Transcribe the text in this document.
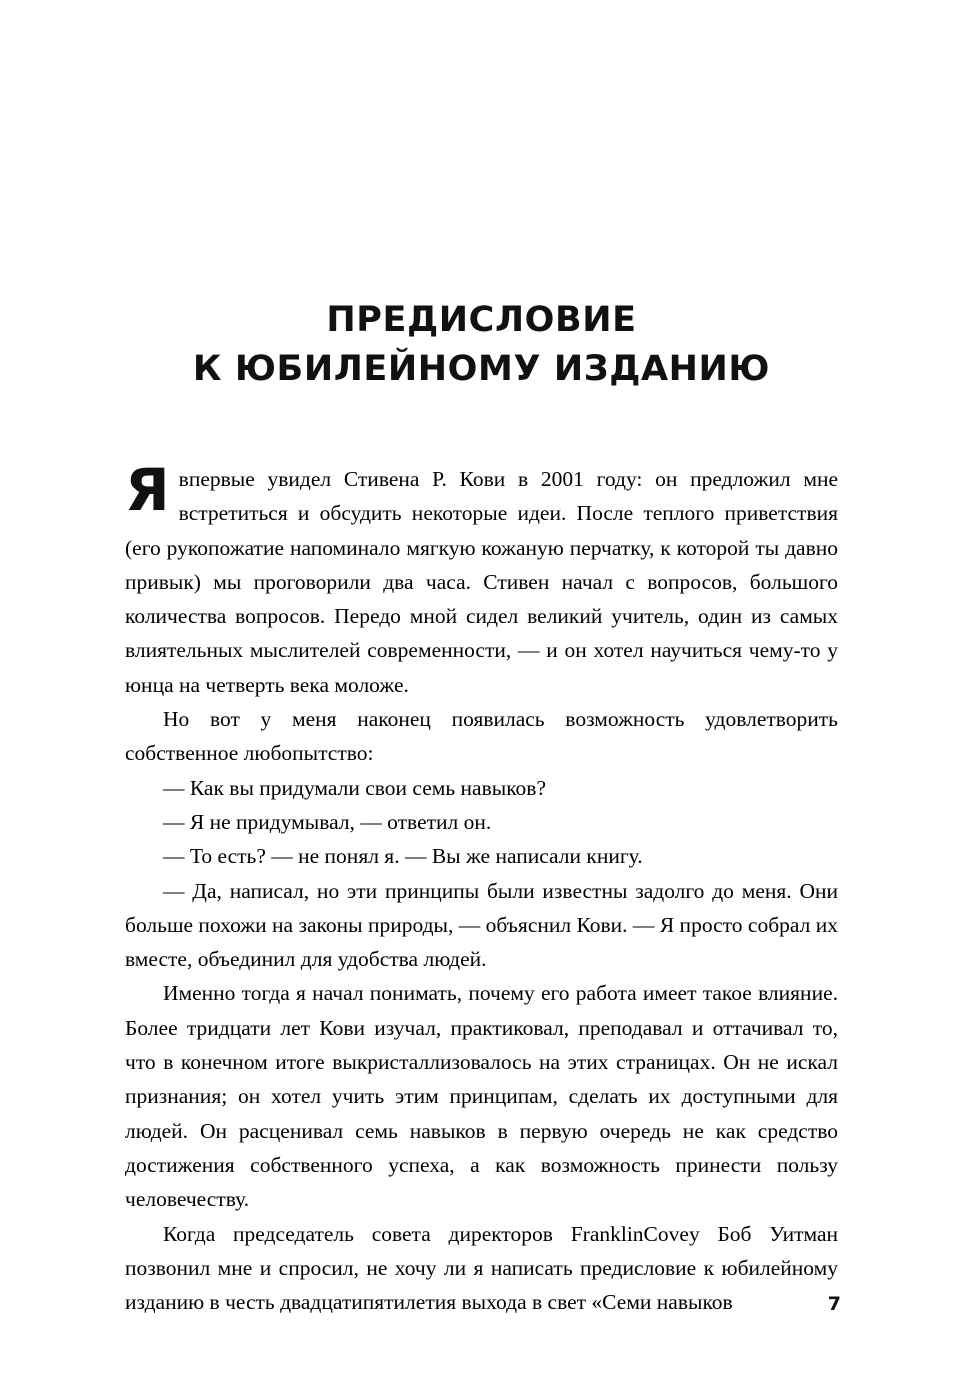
ПРЕДИСЛОВИЕ
К ЮБИЛЕЙНОМУ ИЗДАНИЮ

Я впервые увидел Стивена Р. Кови в 2001 году: он предложил мне встретиться и обсудить некоторые идеи. После теплого приветствия (его рукопожатие напоминало мягкую кожаную перчатку, к которой ты давно привык) мы проговорили два часа. Стивен начал с вопросов, большого количества вопросов. Передо мной сидел великий учитель, один из самых влиятельных мыслителей современности, — и он хотел научиться чему-то у юнца на четверть века моложе.

Но вот у меня наконец появилась возможность удовлетворить собственное любопытство:

— Как вы придумали свои семь навыков?

— Я не придумывал, — ответил он.

— То есть? — не понял я. — Вы же написали книгу.

— Да, написал, но эти принципы были известны задолго до меня. Они больше похожи на законы природы, — объяснил Кови. — Я просто собрал их вместе, объединил для удобства людей.

Именно тогда я начал понимать, почему его работа имеет такое влияние. Более тридцати лет Кови изучал, практиковал, преподавал и оттачивал то, что в конечном итоге выкристаллизовалось на этих страницах. Он не искал признания; он хотел учить этим принципам, сделать их доступными для людей. Он расценивал семь навыков в первую очередь не как средство достижения собственного успеха, а как возможность принести пользу человечеству.

Когда председатель совета директоров FranklinCovey Боб Уитман позвонил мне и спросил, не хочу ли я написать предисловие к юбилейному изданию в честь двадцатипятилетия выхода в свет «Семи навыков	7
